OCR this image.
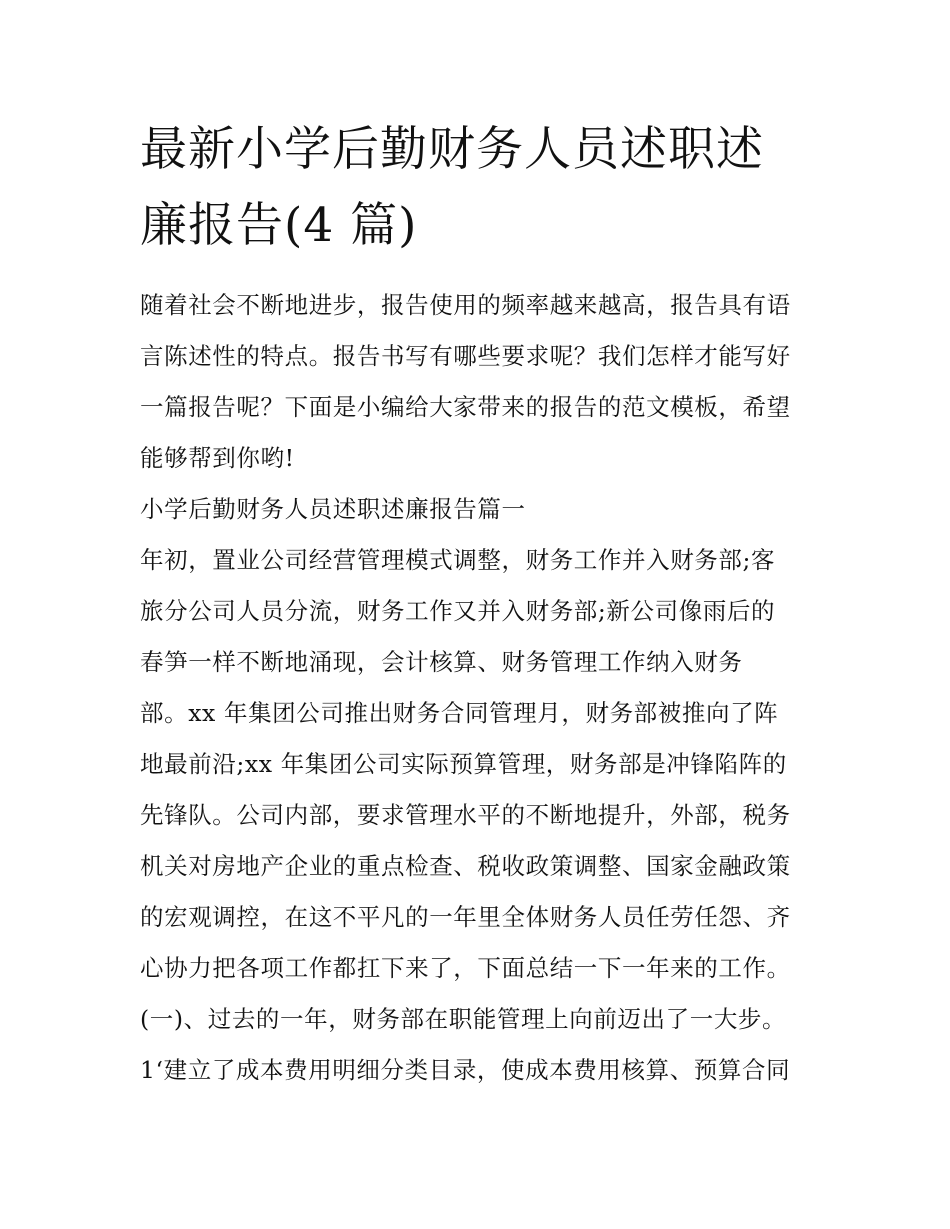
最新小学后勤财务人员述职述
廉报告(4 篇)
随着社会不断地进步，报告使用的频率越来越高，报告具有语
言陈述性的特点。报告书写有哪些要求呢？我们怎样才能写好
一篇报告呢？下面是小编给大家带来的报告的范文模板，希望
能够帮到你哟!
小学后勤财务人员述职述廉报告篇一
年初，置业公司经营管理模式调整，财务工作并入财务部;客
旅分公司人员分流，财务工作又并入财务部;新公司像雨后的
春笋一样不断地涌现，会计核算、财务管理工作纳入财务
部。xx 年集团公司推出财务合同管理月，财务部被推向了阵
地最前沿;xx 年集团公司实际预算管理，财务部是冲锋陷阵的
先锋队。公司内部，要求管理水平的不断地提升，外部，税务
机关对房地产企业的重点检查、税收政策调整、国家金融政策
的宏观调控，在这不平凡的一年里全体财务人员任劳任怨、齐
心协力把各项工作都扛下来了，下面总结一下一年来的工作。
(一)、过去的一年，财务部在职能管理上向前迈出了一大步。
1‘建立了成本费用明细分类目录，使成本费用核算、预算合同
